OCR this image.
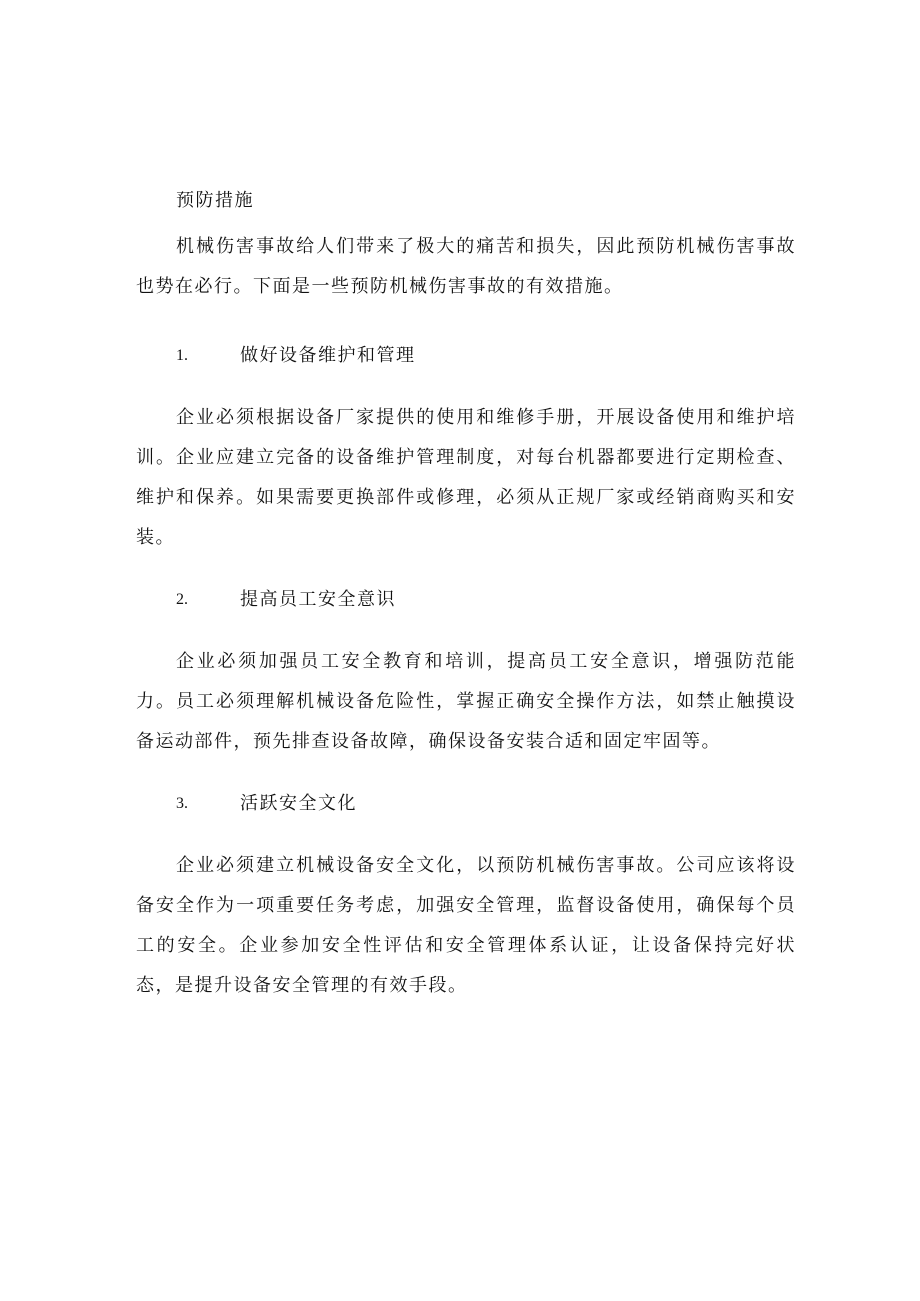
预防措施

机械伤害事故给人们带来了极大的痛苦和损失，因此预防机械伤害事故也势在必行。下面是一些预防机械伤害事故的有效措施。

1.	做好设备维护和管理

企业必须根据设备厂家提供的使用和维修手册，开展设备使用和维护培训。企业应建立完备的设备维护管理制度，对每台机器都要进行定期检查、维护和保养。如果需要更换部件或修理，必须从正规厂家或经销商购买和安装。

2.	提高员工安全意识

企业必须加强员工安全教育和培训，提高员工安全意识，增强防范能力。员工必须理解机械设备危险性，掌握正确安全操作方法，如禁止触摸设备运动部件，预先排查设备故障，确保设备安装合适和固定牢固等。

3.	活跃安全文化

企业必须建立机械设备安全文化，以预防机械伤害事故。公司应该将设备安全作为一项重要任务考虑，加强安全管理，监督设备使用，确保每个员工的安全。企业参加安全性评估和安全管理体系认证，让设备保持完好状态，是提升设备安全管理的有效手段。
